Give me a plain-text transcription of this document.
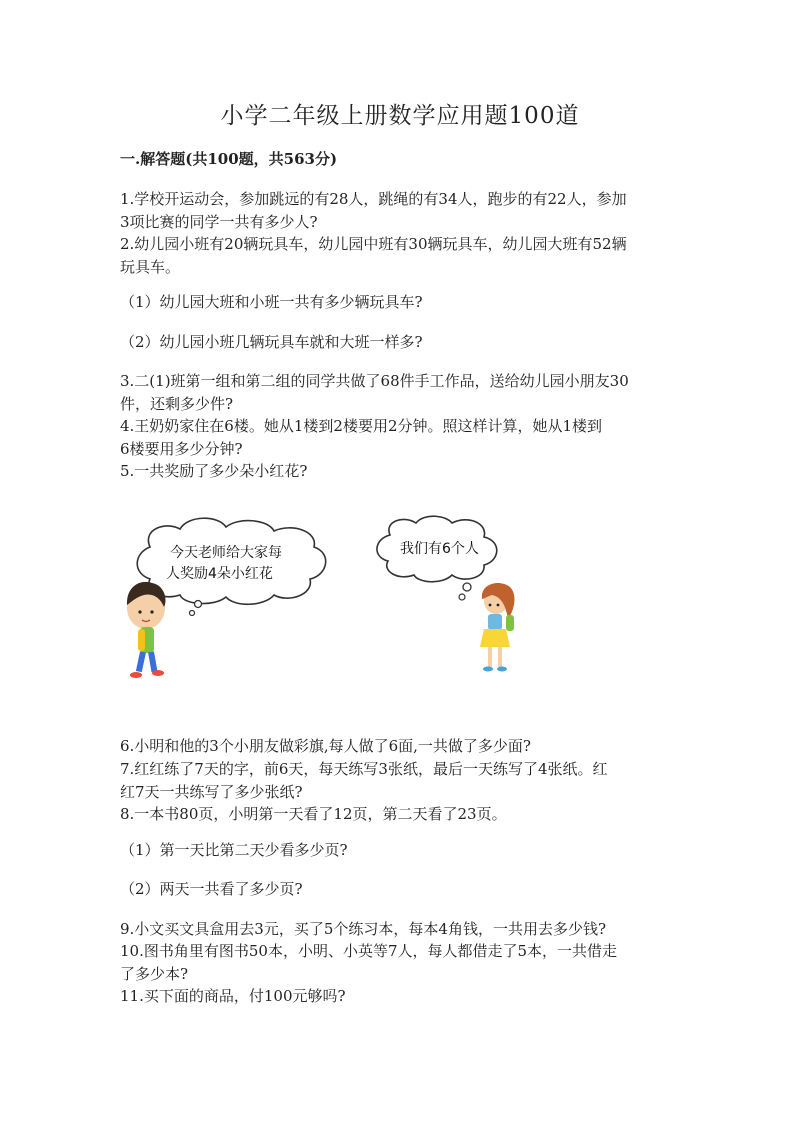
小学二年级上册数学应用题100道
一.解答题(共100题，共563分)

1.学校开运动会，参加跳远的有28人，跳绳的有34人，跑步的有22人，参加

3项比赛的同学一共有多少人?

2.幼儿园小班有20辆玩具车，幼儿园中班有30辆玩具车，幼儿园大班有52辆

玩具车。

（1）幼儿园大班和小班一共有多少辆玩具车?

（2）幼儿园小班几辆玩具车就和大班一样多?

3.二(1)班第一组和第二组的同学共做了68件手工作品，送给幼儿园小朋友30

件，还剩多少件?

4.王奶奶家住在6楼。她从1楼到2楼要用2分钟。照这样计算，她从1楼到

6楼要用多少分钟?

5.一共奖励了多少朵小红花?

今天老师给大家每
人奖励4朵小红花
我们有6个人

6.小明和他的3个小朋友做彩旗,每人做了6面,一共做了多少面?

7.红红练了7天的字，前6天，每天练写3张纸，最后一天练写了4张纸。红

红7天一共练写了多少张纸?

8.一本书80页，小明第一天看了12页，第二天看了23页。

（1）第一天比第二天少看多少页?

（2）两天一共看了多少页?

9.小文买文具盒用去3元，买了5个练习本，每本4角钱，一共用去多少钱?

10.图书角里有图书50本，小明、小英等7人，每人都借走了5本，一共借走

了多少本?

11.买下面的商品，付100元够吗?
